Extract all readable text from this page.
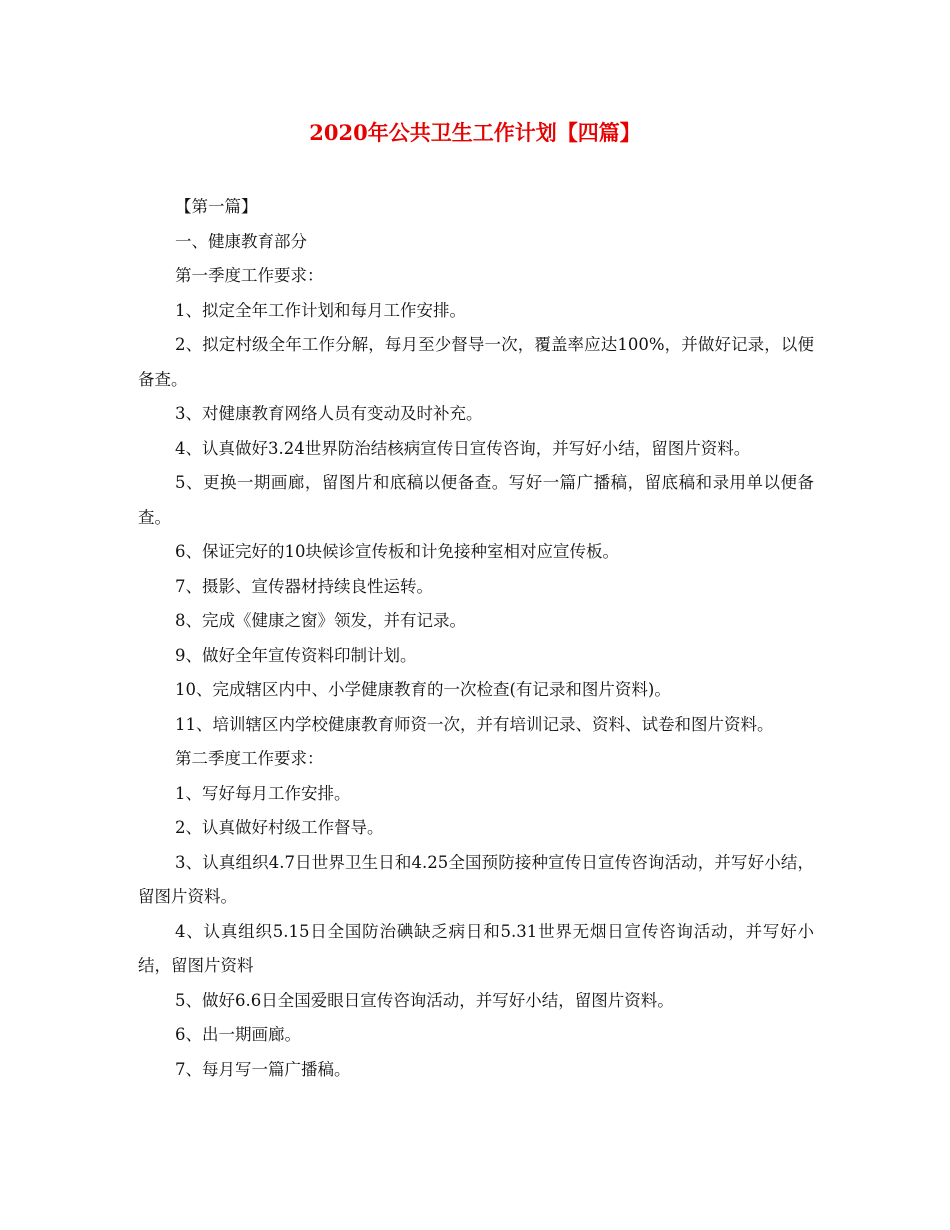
2020年公共卫生工作计划【四篇】

【第一篇】

一、健康教育部分

第一季度工作要求：

1、拟定全年工作计划和每月工作安排。

2、拟定村级全年工作分解，每月至少督导一次，覆盖率应达100%，并做好记录，以便备查。

3、对健康教育网络人员有变动及时补充。

4、认真做好3.24世界防治结核病宣传日宣传咨询，并写好小结，留图片资料。

5、更换一期画廊，留图片和底稿以便备查。写好一篇广播稿，留底稿和录用单以便备查。

6、保证完好的10块候诊宣传板和计免接种室相对应宣传板。

7、摄影、宣传器材持续良性运转。

8、完成《健康之窗》领发，并有记录。

9、做好全年宣传资料印制计划。

10、完成辖区内中、小学健康教育的一次检查(有记录和图片资料)。

11、培训辖区内学校健康教育师资一次，并有培训记录、资料、试卷和图片资料。

第二季度工作要求：

1、写好每月工作安排。

2、认真做好村级工作督导。

3、认真组织4.7日世界卫生日和4.25全国预防接种宣传日宣传咨询活动，并写好小结，留图片资料。

4、认真组织5.15日全国防治碘缺乏病日和5.31世界无烟日宣传咨询活动，并写好小结，留图片资料

5、做好6.6日全国爱眼日宣传咨询活动，并写好小结，留图片资料。

6、出一期画廊。

7、每月写一篇广播稿。
